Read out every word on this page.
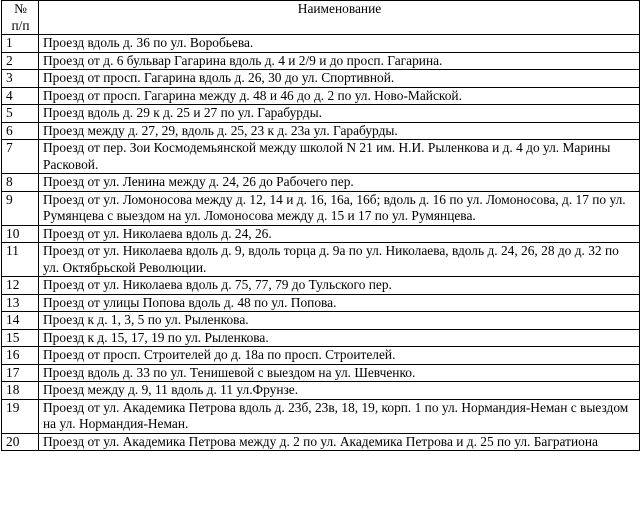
№
п/п	Наименование
1	Проезд вдоль д. 36 по ул. Воробьева.
2	Проезд от д. 6 бульвар Гагарина вдоль д. 4 и 2/9 и до просп. Гагарина.
3	Проезд от просп. Гагарина вдоль д. 26, 30 до ул. Спортивной.
4	Проезд от просп. Гагарина между д. 48 и 46 до д. 2 по ул. Ново-Майской.
5	Проезд вдоль д. 29 к д. 25 и 27 по ул. Гарабурды.
6	Проезд между д. 27, 29, вдоль д. 25, 23 к д. 23а ул. Гарабурды.
7	Проезд от пер. Зои Космодемьянской между школой N 21 им. Н.И. Рыленкова и д. 4 до ул. Марины Расковой.
8	Проезд от ул. Ленина между д. 24, 26 до Рабочего пер.
9	Проезд от ул. Ломоносова между д. 12, 14 и д. 16, 16а, 16б; вдоль д. 16 по ул. Ломоносова, д. 17 по ул. Румянцева с выездом на ул. Ломоносова между д. 15 и 17 по ул. Румянцева.
10	Проезд от ул. Николаева вдоль д. 24, 26.
11	Проезд от ул. Николаева вдоль д. 9, вдоль торца д. 9а по ул. Николаева, вдоль д. 24, 26, 28 до д. 32 по ул. Октябрьской Революции.
12	Проезд от ул. Николаева вдоль д. 75, 77, 79 до Тульского пер.
13	Проезд от улицы Попова вдоль д. 48 по ул. Попова.
14	Проезд к д. 1, 3, 5 по ул. Рыленкова.
15	Проезд к д. 15, 17, 19 по ул. Рыленкова.
16	Проезд от просп. Строителей до д. 18а по просп. Строителей.
17	Проезд вдоль д. 33 по ул. Тенишевой с выездом на ул. Шевченко.
18	Проезд между д. 9, 11 вдоль д. 11 ул.Фрунзе.
19	Проезд от ул. Академика Петрова вдоль д. 23б, 23в, 18, 19, корп. 1 по ул. Нормандия-Неман с выездом на ул. Нормандия-Неман.
20	Проезд от ул. Академика Петрова между д. 2 по ул. Академика Петрова и д. 25 по ул. Багратиона
